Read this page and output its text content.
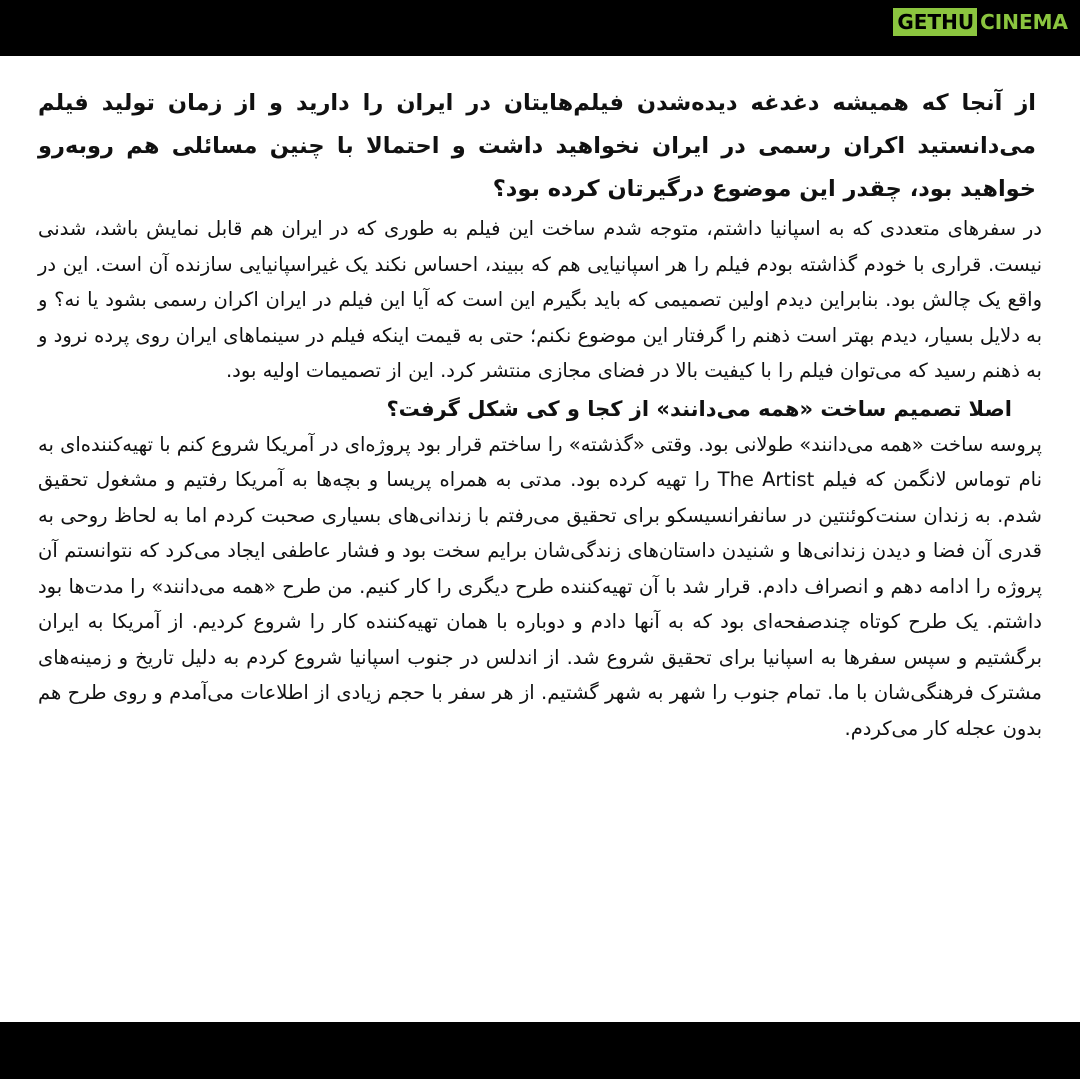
GETHU CINEMA

از آنجا که همیشه دغدغه دیده‌شدن فیلم‌هایتان در ایران را دارید و از زمان تولید فیلم می‌دانستید اکران رسمی در ایران نخواهید داشت و احتمالا با چنین مسائلی هم روبه‌رو خواهید بود، چقدر این موضوع درگیرتان کرده بود؟

در سفرهای متعددی که به اسپانیا داشتم، متوجه شدم ساخت این فیلم به طوری که در ایران هم قابل نمایش باشد، شدنی نیست. قراری با خودم گذاشته بودم فیلم را هر اسپانیایی هم که ببیند، احساس نکند یک غیراسپانیایی سازنده آن است. این در واقع یک چالش بود. بنابراین دیدم اولین تصمیمی که باید بگیرم این است که آیا این فیلم در ایران اکران رسمی بشود یا نه؟ و به دلایل بسیار، دیدم بهتر است ذهنم را گرفتار این موضوع نکنم؛ حتی به قیمت اینکه فیلم در سینماهای ایران روی پرده نرود و به ذهنم رسید که می‌توان فیلم را با کیفیت بالا در فضای مجازی منتشر کرد. این از تصمیمات اولیه بود.

اصلا تصمیم ساخت «همه می‌دانند» از کجا و کی شکل گرفت؟

پروسه ساخت «همه می‌دانند» طولانی بود. وقتی «گذشته» را ساختم قرار بود پروژه‌ای در آمریکا شروع کنم با تهیه‌کننده‌ای به نام توماس لانگمن که فیلم The Artist را تهیه کرده بود. مدتی به همراه پریسا و بچه‌ها به آمریکا رفتیم و مشغول تحقیق شدم. به زندان سنت‌کوئنتین در سانفرانسیسکو برای تحقیق می‌رفتم با زندانی‌های بسیاری صحبت کردم اما به لحاظ روحی به قدری آن فضا و دیدن زندانی‌ها و شنیدن داستان‌های زندگی‌شان برایم سخت بود و فشار عاطفی ایجاد می‌کرد که نتوانستم آن پروژه را ادامه دهم و انصراف دادم. قرار شد با آن تهیه‌کننده طرح دیگری را کار کنیم. من طرح «همه می‌دانند» را مدت‌ها بود داشتم. یک طرح کوتاه چندصفحه‌ای بود که به آنها دادم و دوباره با همان تهیه‌کننده کار را شروع کردیم. از آمریکا به ایران برگشتیم و سپس سفرها به اسپانیا برای تحقیق شروع شد. از اندلس در جنوب اسپانیا شروع کردم به دلیل تاریخ و زمینه‌های مشترک فرهنگی‌شان با ما. تمام جنوب را شهر به شهر گشتیم. از هر سفر با حجم زیادی از اطلاعات می‌آمدم و روی طرح هم بدون عجله کار می‌کردم.
